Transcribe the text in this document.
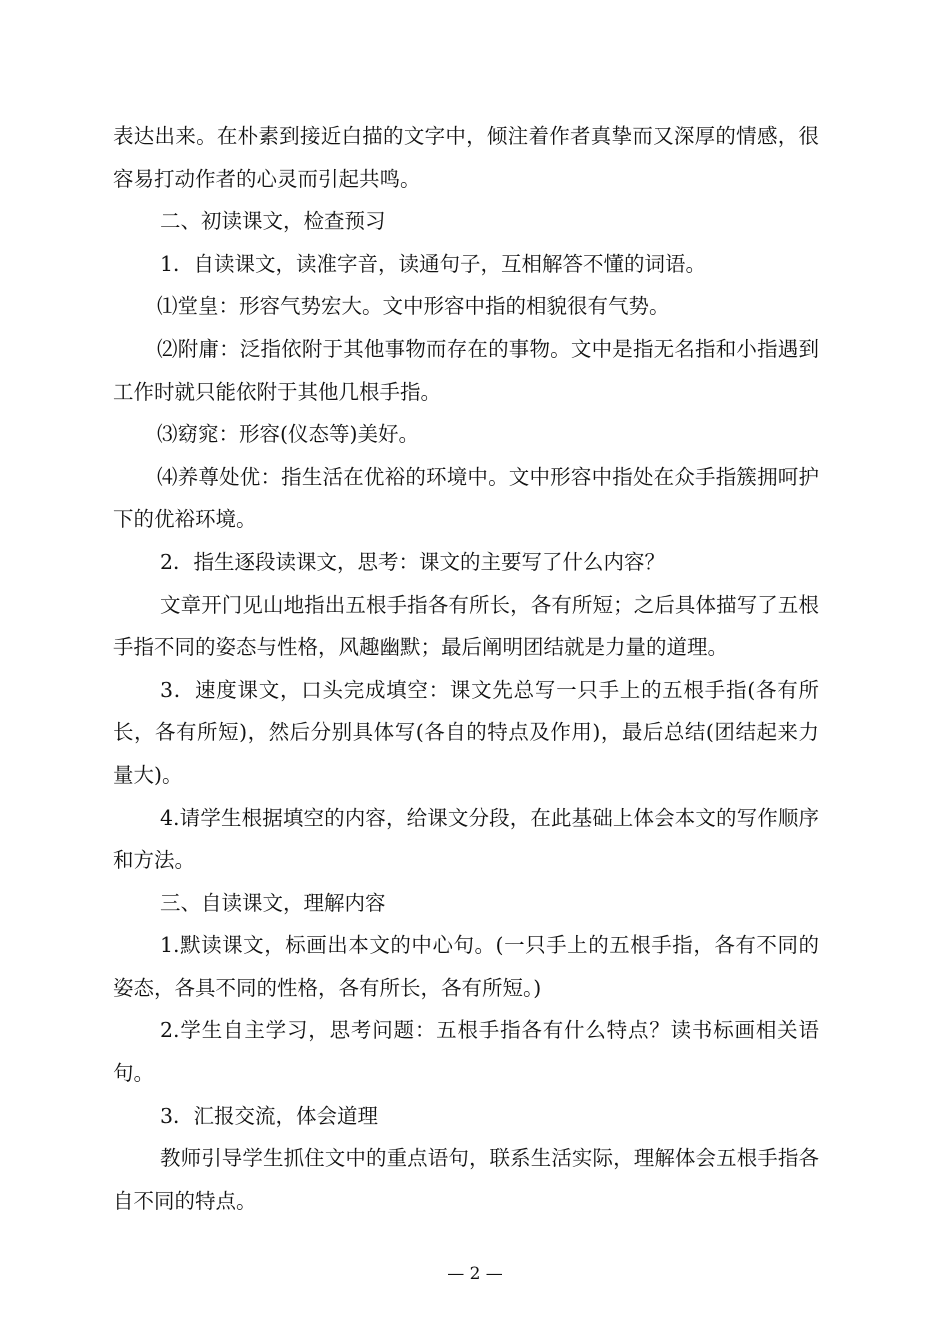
表达出来。在朴素到接近白描的文字中，倾注着作者真挚而又深厚的情感，很容易打动作者的心灵而引起共鸣。

二、初读课文，检查预习

1．自读课文，读准字音，读通句子，互相解答不懂的词语。

⑴堂皇：形容气势宏大。文中形容中指的相貌很有气势。

⑵附庸：泛指依附于其他事物而存在的事物。文中是指无名指和小指遇到工作时就只能依附于其他几根手指。

⑶窈窕：形容(仪态等)美好。

⑷养尊处优：指生活在优裕的环境中。文中形容中指处在众手指簇拥呵护下的优裕环境。

2．指生逐段读课文，思考：课文的主要写了什么内容？

文章开门见山地指出五根手指各有所长，各有所短；之后具体描写了五根手指不同的姿态与性格，风趣幽默；最后阐明团结就是力量的道理。

3．速度课文，口头完成填空：课文先总写一只手上的五根手指(各有所长，各有所短)，然后分别具体写(各自的特点及作用)，最后总结(团结起来力量大)。

4.请学生根据填空的内容，给课文分段，在此基础上体会本文的写作顺序和方法。

三、自读课文，理解内容

1.默读课文，标画出本文的中心句。(一只手上的五根手指，各有不同的姿态，各具不同的性格，各有所长，各有所短。)

2.学生自主学习，思考问题：五根手指各有什么特点？读书标画相关语句。

3．汇报交流，体会道理

教师引导学生抓住文中的重点语句，联系生活实际，理解体会五根手指各自不同的特点。

— 2 —
